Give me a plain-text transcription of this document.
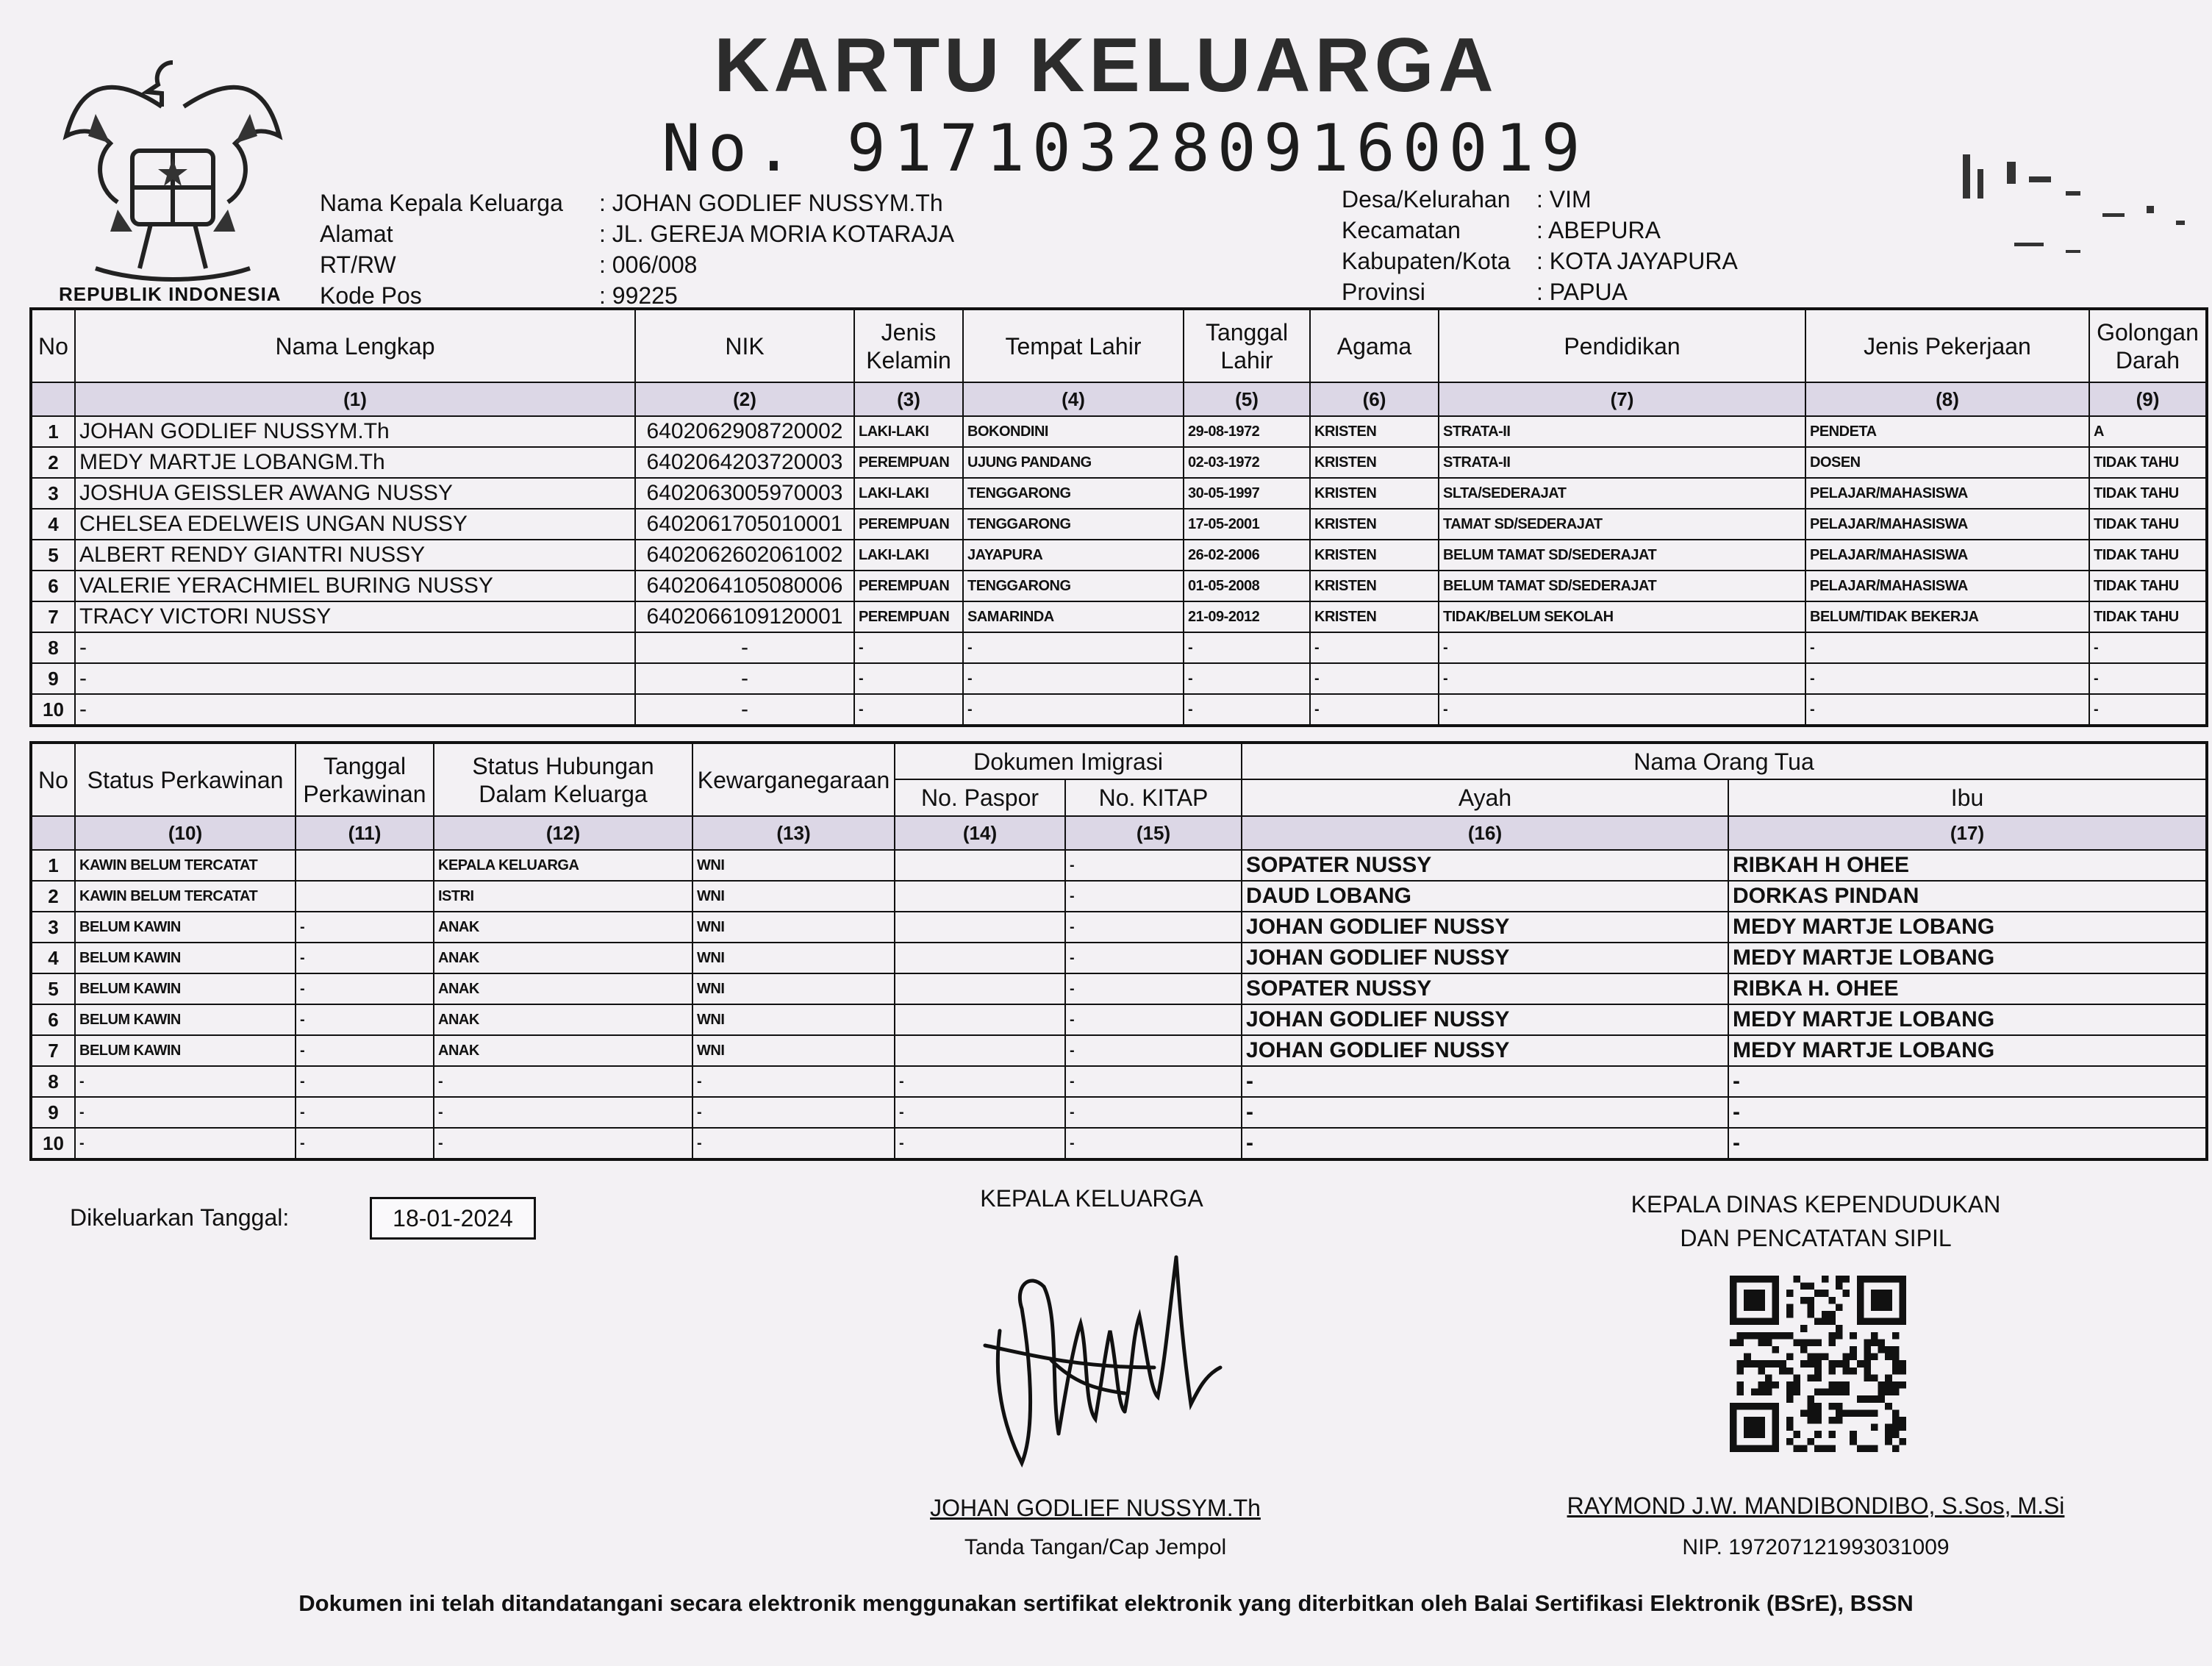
REPUBLIK INDONESIA
KARTU KELUARGA
No. 9171032809160019
Nama Kepala Keluarga	: JOHAN GODLIEF NUSSYM.Th
Alamat	: JL. GEREJA MORIA KOTARAJA
RT/RW	: 006/008
Kode Pos	: 99225
Desa/Kelurahan	: VIM
Kecamatan	: ABEPURA
Kabupaten/Kota	: KOTA JAYAPURA
Provinsi	: PAPUA
No	Nama Lengkap	NIK	Jenis Kelamin	Tempat Lahir	Tanggal Lahir	Agama	Pendidikan	Jenis Pekerjaan	Golongan Darah
	(1)	(2)	(3)	(4)	(5)	(6)	(7)	(8)	(9)
1	JOHAN GODLIEF NUSSYM.Th	6402062908720002	LAKI-LAKI	BOKONDINI	29-08-1972	KRISTEN	STRATA-II	PENDETA	A
2	MEDY MARTJE LOBANGM.Th	6402064203720003	PEREMPUAN	UJUNG PANDANG	02-03-1972	KRISTEN	STRATA-II	DOSEN	TIDAK TAHU
3	JOSHUA GEISSLER AWANG NUSSY	6402063005970003	LAKI-LAKI	TENGGARONG	30-05-1997	KRISTEN	SLTA/SEDERAJAT	PELAJAR/MAHASISWA	TIDAK TAHU
4	CHELSEA EDELWEIS UNGAN NUSSY	6402061705010001	PEREMPUAN	TENGGARONG	17-05-2001	KRISTEN	TAMAT SD/SEDERAJAT	PELAJAR/MAHASISWA	TIDAK TAHU
5	ALBERT RENDY GIANTRI NUSSY	6402062602061002	LAKI-LAKI	JAYAPURA	26-02-2006	KRISTEN	BELUM TAMAT SD/SEDERAJAT	PELAJAR/MAHASISWA	TIDAK TAHU
6	VALERIE YERACHMIEL BURING NUSSY	6402064105080006	PEREMPUAN	TENGGARONG	01-05-2008	KRISTEN	BELUM TAMAT SD/SEDERAJAT	PELAJAR/MAHASISWA	TIDAK TAHU
7	TRACY VICTORI NUSSY	6402066109120001	PEREMPUAN	SAMARINDA	21-09-2012	KRISTEN	TIDAK/BELUM SEKOLAH	BELUM/TIDAK BEKERJA	TIDAK TAHU
8	-	-	-	-	-	-	-	-	-
9	-	-	-	-	-	-	-	-	-
10	-	-	-	-	-	-	-	-	-
No	Status Perkawinan	Tanggal Perkawinan	Status Hubungan Dalam Keluarga	Kewarganegaraan	Dokumen Imigrasi		Nama Orang Tua	
					No. Paspor	No. KITAP	Ayah	Ibu
	(10)	(11)	(12)	(13)	(14)	(15)	(16)	(17)
1	KAWIN BELUM TERCATAT		KEPALA KELUARGA	WNI		-	SOPATER NUSSY	RIBKAH H OHEE
2	KAWIN BELUM TERCATAT		ISTRI	WNI		-	DAUD LOBANG	DORKAS PINDAN
3	BELUM KAWIN	-	ANAK	WNI		-	JOHAN GODLIEF NUSSY	MEDY MARTJE LOBANG
4	BELUM KAWIN	-	ANAK	WNI		-	JOHAN GODLIEF NUSSY	MEDY MARTJE LOBANG
5	BELUM KAWIN	-	ANAK	WNI		-	SOPATER NUSSY	RIBKA H. OHEE
6	BELUM KAWIN	-	ANAK	WNI		-	JOHAN GODLIEF NUSSY	MEDY MARTJE LOBANG
7	BELUM KAWIN	-	ANAK	WNI		-	JOHAN GODLIEF NUSSY	MEDY MARTJE LOBANG
8	-	-	-	-	-	-	-	-
9	-	-	-	-	-	-	-	-
10	-	-	-	-	-	-	-	-
Dikeluarkan Tanggal:	18-01-2024
KEPALA KELUARGA
JOHAN GODLIEF NUSSYM.Th
Tanda Tangan/Cap Jempol
KEPALA DINAS KEPENDUDUKAN
DAN PENCATATAN SIPIL
RAYMOND J.W. MANDIBONDIBO, S.Sos, M.Si
NIP. 197207121993031009
Dokumen ini telah ditandatangani secara elektronik menggunakan sertifikat elektronik yang diterbitkan oleh Balai Sertifikasi Elektronik (BSrE), BSSN
